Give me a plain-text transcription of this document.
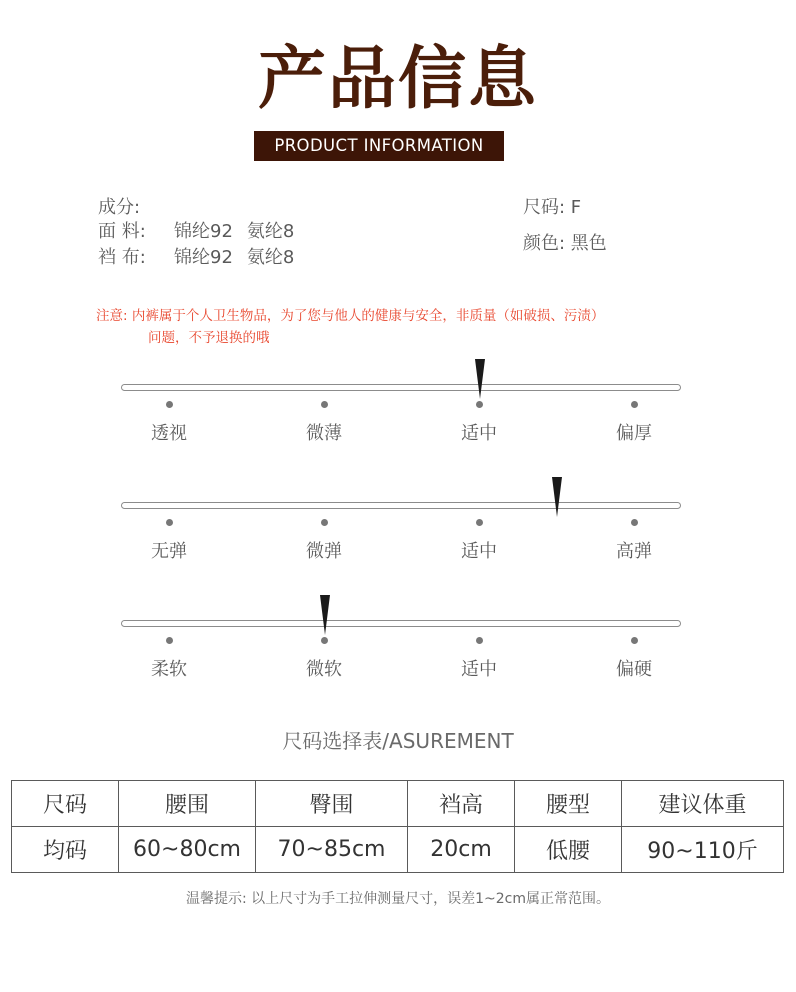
产品信息
PRODUCT INFORMATION
成分:
面 料: 锦纶92 氨纶8
裆 布: 锦纶92 氨纶8
尺码: F
颜色: 黑色
注意: 内裤属于个人卫生物品，为了您与他人的健康与安全，非质量（如破损、污渍）
问题，不予退换的哦
透视	微薄	适中	偏厚
无弹	微弹	适中	高弹
柔软	微软	适中	偏硬
尺码选择表/ASUREMENT
尺码	腰围	臀围	裆高	腰型	建议体重
均码	60~80cm	70~85cm	20cm	低腰	90~110斤
温馨提示: 以上尺寸为手工拉伸测量尺寸，误差1~2cm属正常范围。
